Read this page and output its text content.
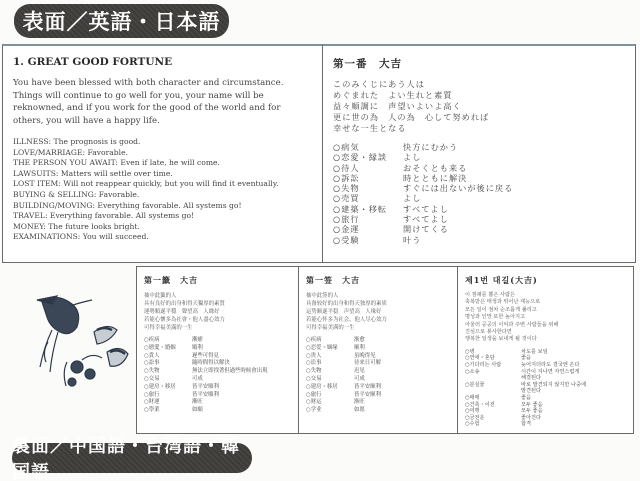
表面／英語・日本語
1. GREAT GOOD FORTUNE
You have been blessed with both character and circumstance. Things will continue to go well for you, your name will be reknowned, and if you work for the good of the world and for others, you will have a happy life.
ILLNESS: The prognosis is good.
LOVE/MARRIAGE: Favorable.
THE PERSON YOU AWAIT: Even if late, he will come.
LAWSUITS: Matters will settle over time.
LOST ITEM: Will not reappear quickly, but you will find it eventually.
BUYING & SELLING: Favorable.
BUILDING/MOVING: Everything favorable. All systems go!
TRAVEL: Everything favorable. All systems go!
MONEY: The future looks bright.
EXAMINATIONS: You will succeed.
第一番　大吉
このみくじにあう人は
めぐまれた　よい生れと素質
益々順調に　声望いよいよ高く
更に世の為　人の為　心して努めれば
幸せな一生となる
○病気	快方にむかう
○恋愛・縁談	よし
○待人	おそくとも来る
○訴訟	時とともに解決
○失物	すぐには出ないが後に戻る
○売買	よし
○建築・移転	すべてよし
○旅行	すべてよし
○金運	開けてくる
○受験	叶う
第一籤　大吉
抽中此籤的人
具有良好的出身和得天獨厚的素質
運勢順遂平穩　聲望高　人緣好
若能心懷多為社會・他人盡心效力
可得幸福美滿的一生
○疾病	漸癒
○戀愛・婚姻	順利
○貴人	遲些可得見
○訟事	隨時間得以解決
○失物	無法立即找著但過些時候會出現
○交易	可成
○建房・移居	皆平安順利
○旅行	皆平安順利
○財運	漸旺
○學業	如願
第一签　大吉
抽中此签的人
具备较好的出身和得天独厚的素质
运势顺遂平稳　声望高　人缘好
若能心怀多为社会、他人尽心效力
可得幸福美满的一生
○疾病	渐愈
○恋爱・姻缘	顺利
○贵人	虽晚得见
○讼事	待来日可解
○失物	迟见
○交易	可成
○建房・移居	皆平安顺利
○旅行	皆平安顺利
○财运	渐旺
○学业	如愿
제1번 대길(大吉)
이 점괘를 뽑은 사람은
축복받은 태생과 뛰어난 재능으로
모든 일이 점차 순조롭게 풀리고
명성과 인망 또한 높아지고
아울러 공공의 이익과 주변 사람들을 위해
진심으로 봉사한다면
행복한 일생을 보내게 될 것이다
○병	차도를 보임
○연애・혼담	좋음
○기다리는 사람	늦어지더라도 결국엔 온다
○소송	시간이 지나면 자연스럽게
해결된다
○분실물	바로 발견되지 않지만 나중에
발견된다
○매매	좋음
○건축・이전	모두 좋음
○여행	모두 좋음
○금전운	좋아진다
○수험	합격
裏面／中国語・台湾語・韓国語
